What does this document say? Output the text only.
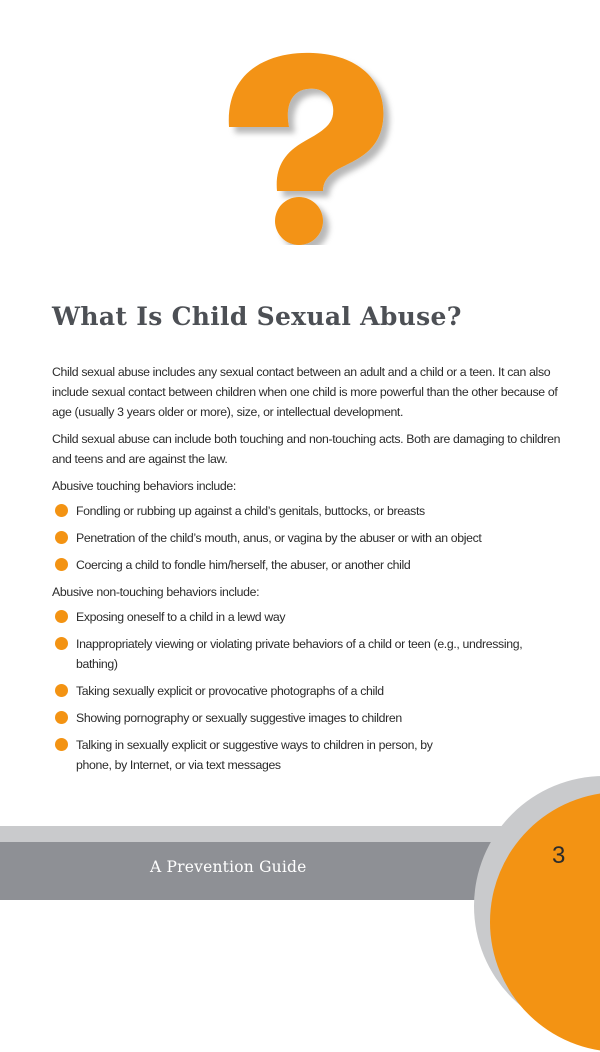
What Is Child Sexual Abuse?

Child sexual abuse includes any sexual contact between an adult and a child or a teen. It can also include sexual contact between children when one child is more powerful than the other because of age (usually 3 years older or more), size, or intellectual development.

Child sexual abuse can include both touching and non-touching acts. Both are damaging to children and teens and are against the law.

Abusive touching behaviors include:

Fondling or rubbing up against a child’s genitals, buttocks, or breasts
Penetration of the child’s mouth, anus, or vagina by the abuser or with an object
Coercing a child to fondle him/herself, the abuser, or another child

Abusive non-touching behaviors include:

Exposing oneself to a child in a lewd way
Inappropriately viewing or violating private behaviors of a child or teen (e.g., undressing, bathing)
Taking sexually explicit or provocative photographs of a child
Showing pornography or sexually suggestive images to children
Talking in sexually explicit or suggestive ways to children in person, by phone, by Internet, or via text messages
A Prevention Guide	3
